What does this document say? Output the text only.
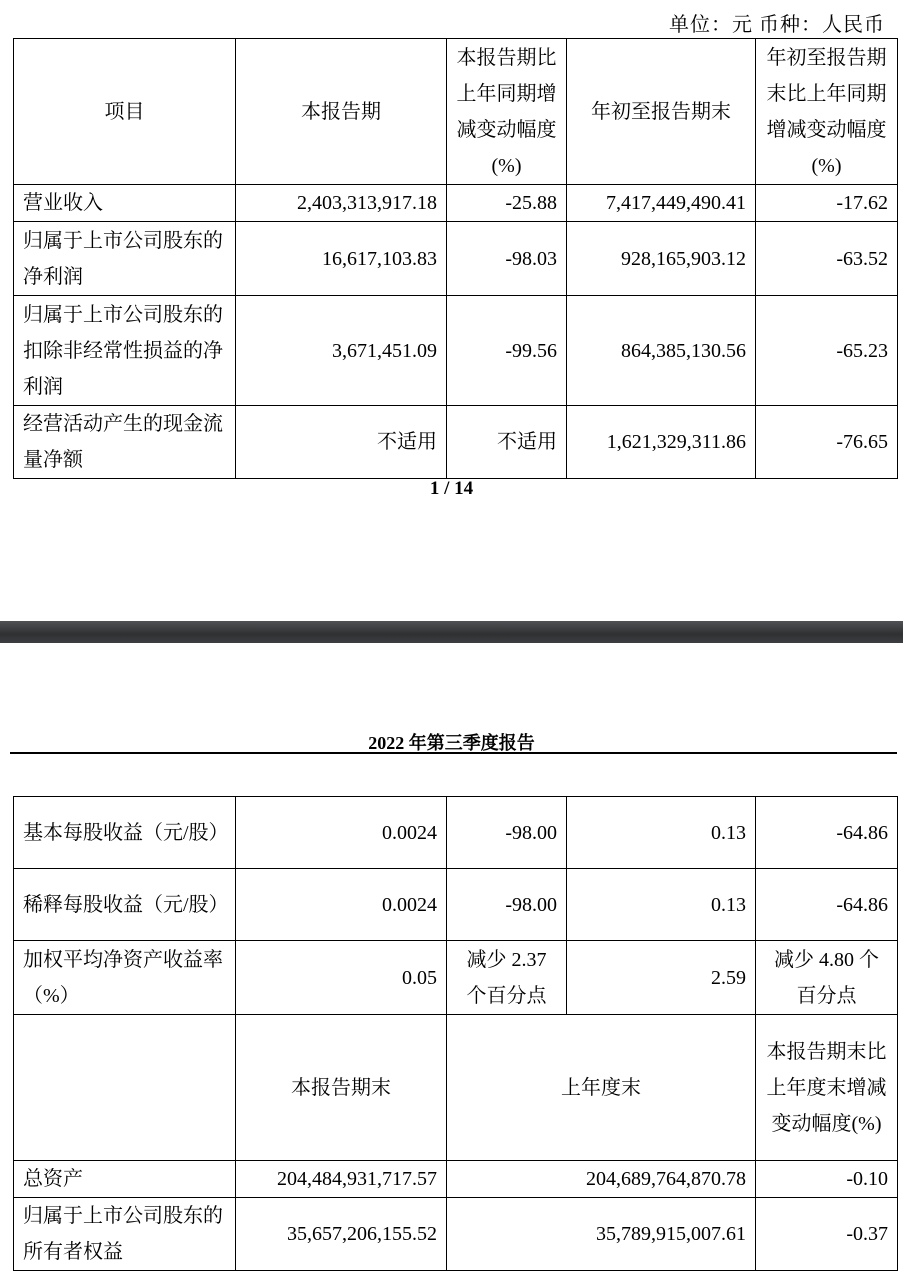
单位：元 币种：人民币
项目	本报告期	本报告期比上年同期增减变动幅度(%)	年初至报告期末	年初至报告期末比上年同期增减变动幅度(%)
营业收入	2,403,313,917.18	-25.88	7,417,449,490.41	-17.62
归属于上市公司股东的净利润	16,617,103.83	-98.03	928,165,903.12	-63.52
归属于上市公司股东的扣除非经常性损益的净利润	3,671,451.09	-99.56	864,385,130.56	-65.23
经营活动产生的现金流量净额	不适用	不适用	1,621,329,311.86	-76.65
1 / 14
2022 年第三季度报告
基本每股收益（元/股）	0.0024	-98.00	0.13	-64.86
稀释每股收益（元/股）	0.0024	-98.00	0.13	-64.86
加权平均净资产收益率（%）	0.05	减少 2.37 个百分点	2.59	减少 4.80 个百分点
	本报告期末	上年度末		本报告期末比上年度末增减变动幅度(%)
总资产	204,484,931,717.57	204,689,764,870.78		-0.10
归属于上市公司股东的所有者权益	35,657,206,155.52	35,789,915,007.61		-0.37
